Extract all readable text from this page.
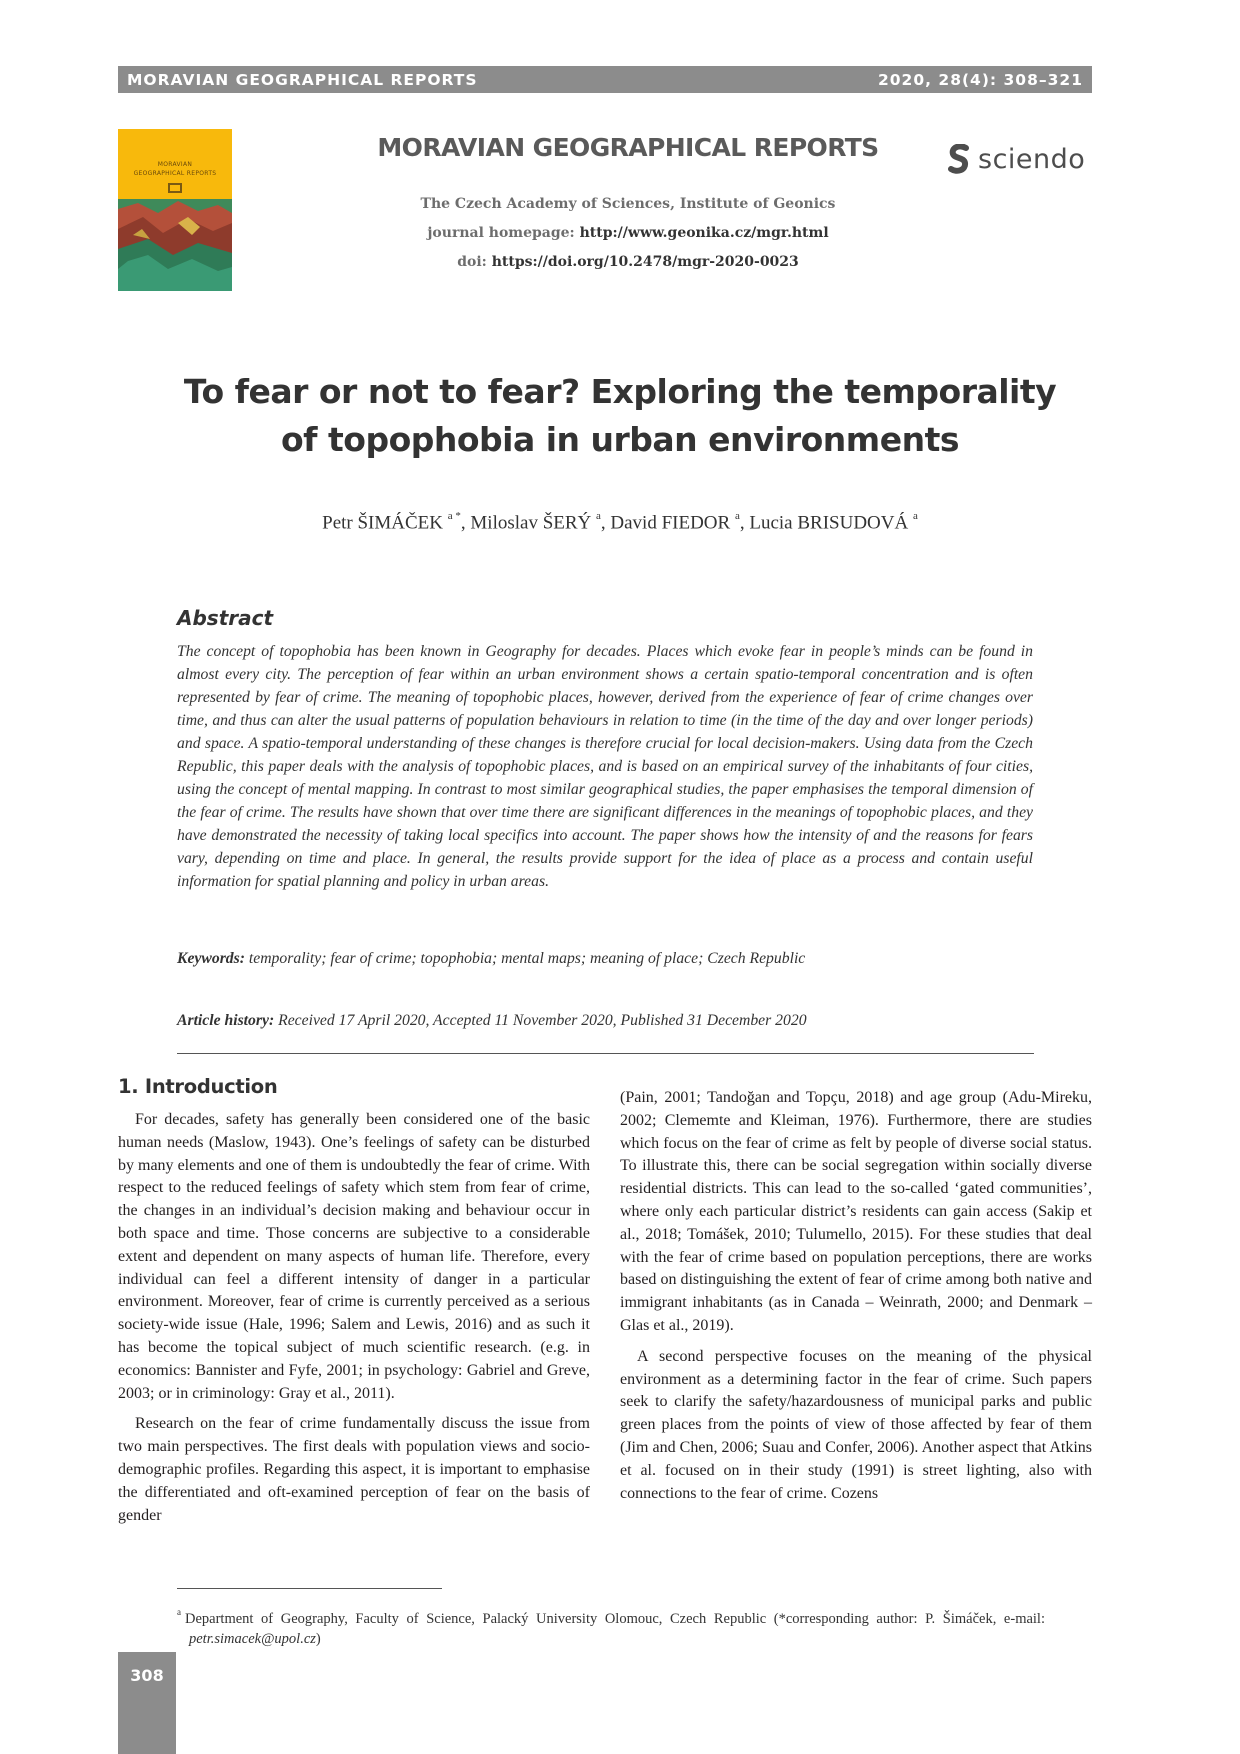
MORAVIAN GEOGRAPHICAL REPORTS	2020, 28(4): 308–321
MORAVIAN
GEOGRAPHICAL REPORTS
MORAVIAN GEOGRAPHICAL REPORTS	sciendo
The Czech Academy of Sciences, Institute of Geonics
journal homepage: http://www.geonika.cz/mgr.html
doi: https://doi.org/10.2478/mgr-2020-0023
To fear or not to fear? Exploring the temporality
of topophobia in urban environments
Petr ŠIMÁČEK $^{a *}$, Miloslav ŠERÝ $^a$, David FIEDOR $^a$, Lucia BRISUDOVÁ $^a$
Abstract
The concept of topophobia has been known in Geography for decades. Places which evoke fear in people’s minds can be found in almost every city. The perception of fear within an urban environment shows a certain spatio-temporal concentration and is often represented by fear of crime. The meaning of topophobic places, however, derived from the experience of fear of crime changes over time, and thus can alter the usual patterns of population behaviours in relation to time (in the time of the day and over longer periods) and space. A spatio-temporal understanding of these changes is therefore crucial for local decision-makers. Using data from the Czech Republic, this paper deals with the analysis of topophobic places, and is based on an empirical survey of the inhabitants of four cities, using the concept of mental mapping. In contrast to most similar geographical studies, the paper emphasises the temporal dimension of the fear of crime. The results have shown that over time there are significant differences in the meanings of topophobic places, and they have demonstrated the necessity of taking local specifics into account. The paper shows how the intensity of and the reasons for fears vary, depending on time and place. In general, the results provide support for the idea of place as a process and contain useful information for spatial planning and policy in urban areas.
Keywords: temporality; fear of crime; topophobia; mental maps; meaning of place; Czech Republic
Article history: Received 17 April 2020, Accepted 11 November 2020, Published 31 December 2020
1. Introduction

For decades, safety has generally been considered one of the basic human needs (Maslow, 1943). One’s feelings of safety can be disturbed by many elements and one of them is undoubtedly the fear of crime. With respect to the reduced feelings of safety which stem from fear of crime, the changes in an individual’s decision making and behaviour occur in both space and time. Those concerns are subjective to a considerable extent and dependent on many aspects of human life. Therefore, every individual can feel a different intensity of danger in a particular environment. Moreover, fear of crime is currently perceived as a serious society-wide issue (Hale, 1996; Salem and Lewis, 2016) and as such it has become the topical subject of much scientific research. (e.g. in economics: Bannister and Fyfe, 2001; in psychology: Gabriel and Greve, 2003; or in criminology: Gray et al., 2011).

Research on the fear of crime fundamentally discuss the issue from two main perspectives. The first deals with population views and socio-demographic profiles. Regarding this aspect, it is important to emphasise the differentiated and oft-examined perception of fear on the basis of gender

(Pain, 2001; Tandoğan and Topçu, 2018) and age group (Adu-Mireku, 2002; Clememte and Kleiman, 1976). Furthermore, there are studies which focus on the fear of crime as felt by people of diverse social status. To illustrate this, there can be social segregation within socially diverse residential districts. This can lead to the so-called ‘gated communities’, where only each particular district’s residents can gain access (Sakip et al., 2018; Tomášek, 2010; Tulumello, 2015). For these studies that deal with the fear of crime based on population perceptions, there are works based on distinguishing the extent of fear of crime among both native and immigrant inhabitants (as in Canada – Weinrath, 2000; and Denmark – Glas et al., 2019).

A second perspective focuses on the meaning of the physical environment as a determining factor in the fear of crime. Such papers seek to clarify the safety/hazardousness of municipal parks and public green places from the points of view of those affected by fear of them (Jim and Chen, 2006; Suau and Confer, 2006). Another aspect that Atkins et al. focused on in their study (1991) is street lighting, also with connections to the fear of crime. Cozens

$^a$ Department of Geography, Faculty of Science, Palacký University Olomouc, Czech Republic (*corresponding author: P. Šimáček, e-mail: petr.simacek@upol.cz)
308
